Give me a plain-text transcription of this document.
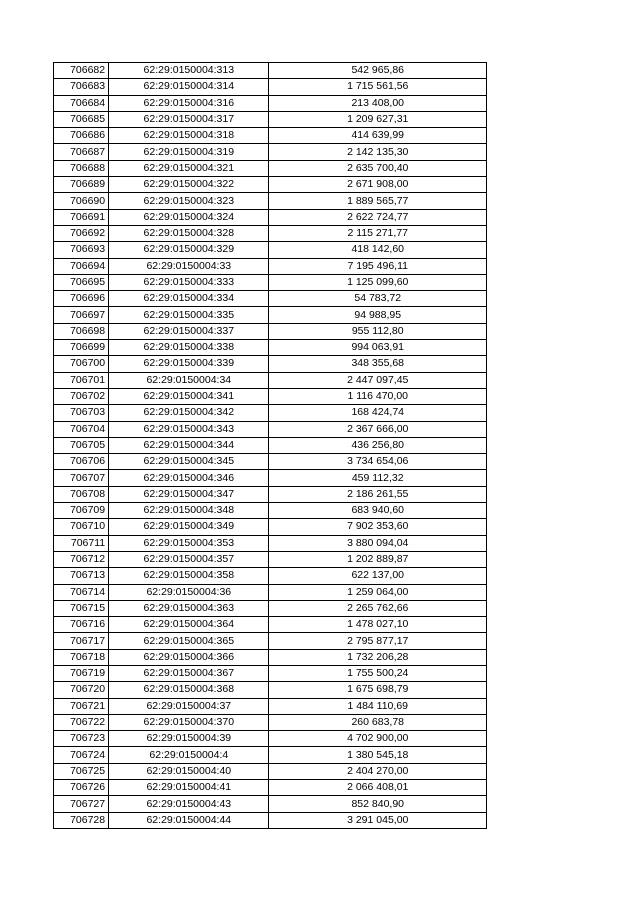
706682	62:29:0150004:313	542 965,86
706683	62:29:0150004:314	1 715 561,56
706684	62:29:0150004:316	213 408,00
706685	62:29:0150004:317	1 209 627,31
706686	62:29:0150004:318	414 639,99
706687	62:29:0150004:319	2 142 135,30
706688	62:29:0150004:321	2 635 700,40
706689	62:29:0150004:322	2 671 908,00
706690	62:29:0150004:323	1 889 565,77
706691	62:29:0150004:324	2 622 724,77
706692	62:29:0150004:328	2 115 271,77
706693	62:29:0150004:329	418 142,60
706694	62:29:0150004:33	7 195 496,11
706695	62:29:0150004:333	1 125 099,60
706696	62:29:0150004:334	54 783,72
706697	62:29:0150004:335	94 988,95
706698	62:29:0150004:337	955 112,80
706699	62:29:0150004:338	994 063,91
706700	62:29:0150004:339	348 355,68
706701	62:29:0150004:34	2 447 097,45
706702	62:29:0150004:341	1 116 470,00
706703	62:29:0150004:342	168 424,74
706704	62:29:0150004:343	2 367 666,00
706705	62:29:0150004:344	436 256,80
706706	62:29:0150004:345	3 734 654,06
706707	62:29:0150004:346	459 112,32
706708	62:29:0150004:347	2 186 261,55
706709	62:29:0150004:348	683 940,60
706710	62:29:0150004:349	7 902 353,60
706711	62:29:0150004:353	3 880 094,04
706712	62:29:0150004:357	1 202 889,87
706713	62:29:0150004:358	622 137,00
706714	62:29:0150004:36	1 259 064,00
706715	62:29:0150004:363	2 265 762,66
706716	62:29:0150004:364	1 478 027,10
706717	62:29:0150004:365	2 795 877,17
706718	62:29:0150004:366	1 732 206,28
706719	62:29:0150004:367	1 755 500,24
706720	62:29:0150004:368	1 675 698,79
706721	62:29:0150004:37	1 484 110,69
706722	62:29:0150004:370	260 683,78
706723	62:29:0150004:39	4 702 900,00
706724	62:29:0150004:4	1 380 545,18
706725	62:29:0150004:40	2 404 270,00
706726	62:29:0150004:41	2 066 408,01
706727	62:29:0150004:43	852 840,90
706728	62:29:0150004:44	3 291 045,00
